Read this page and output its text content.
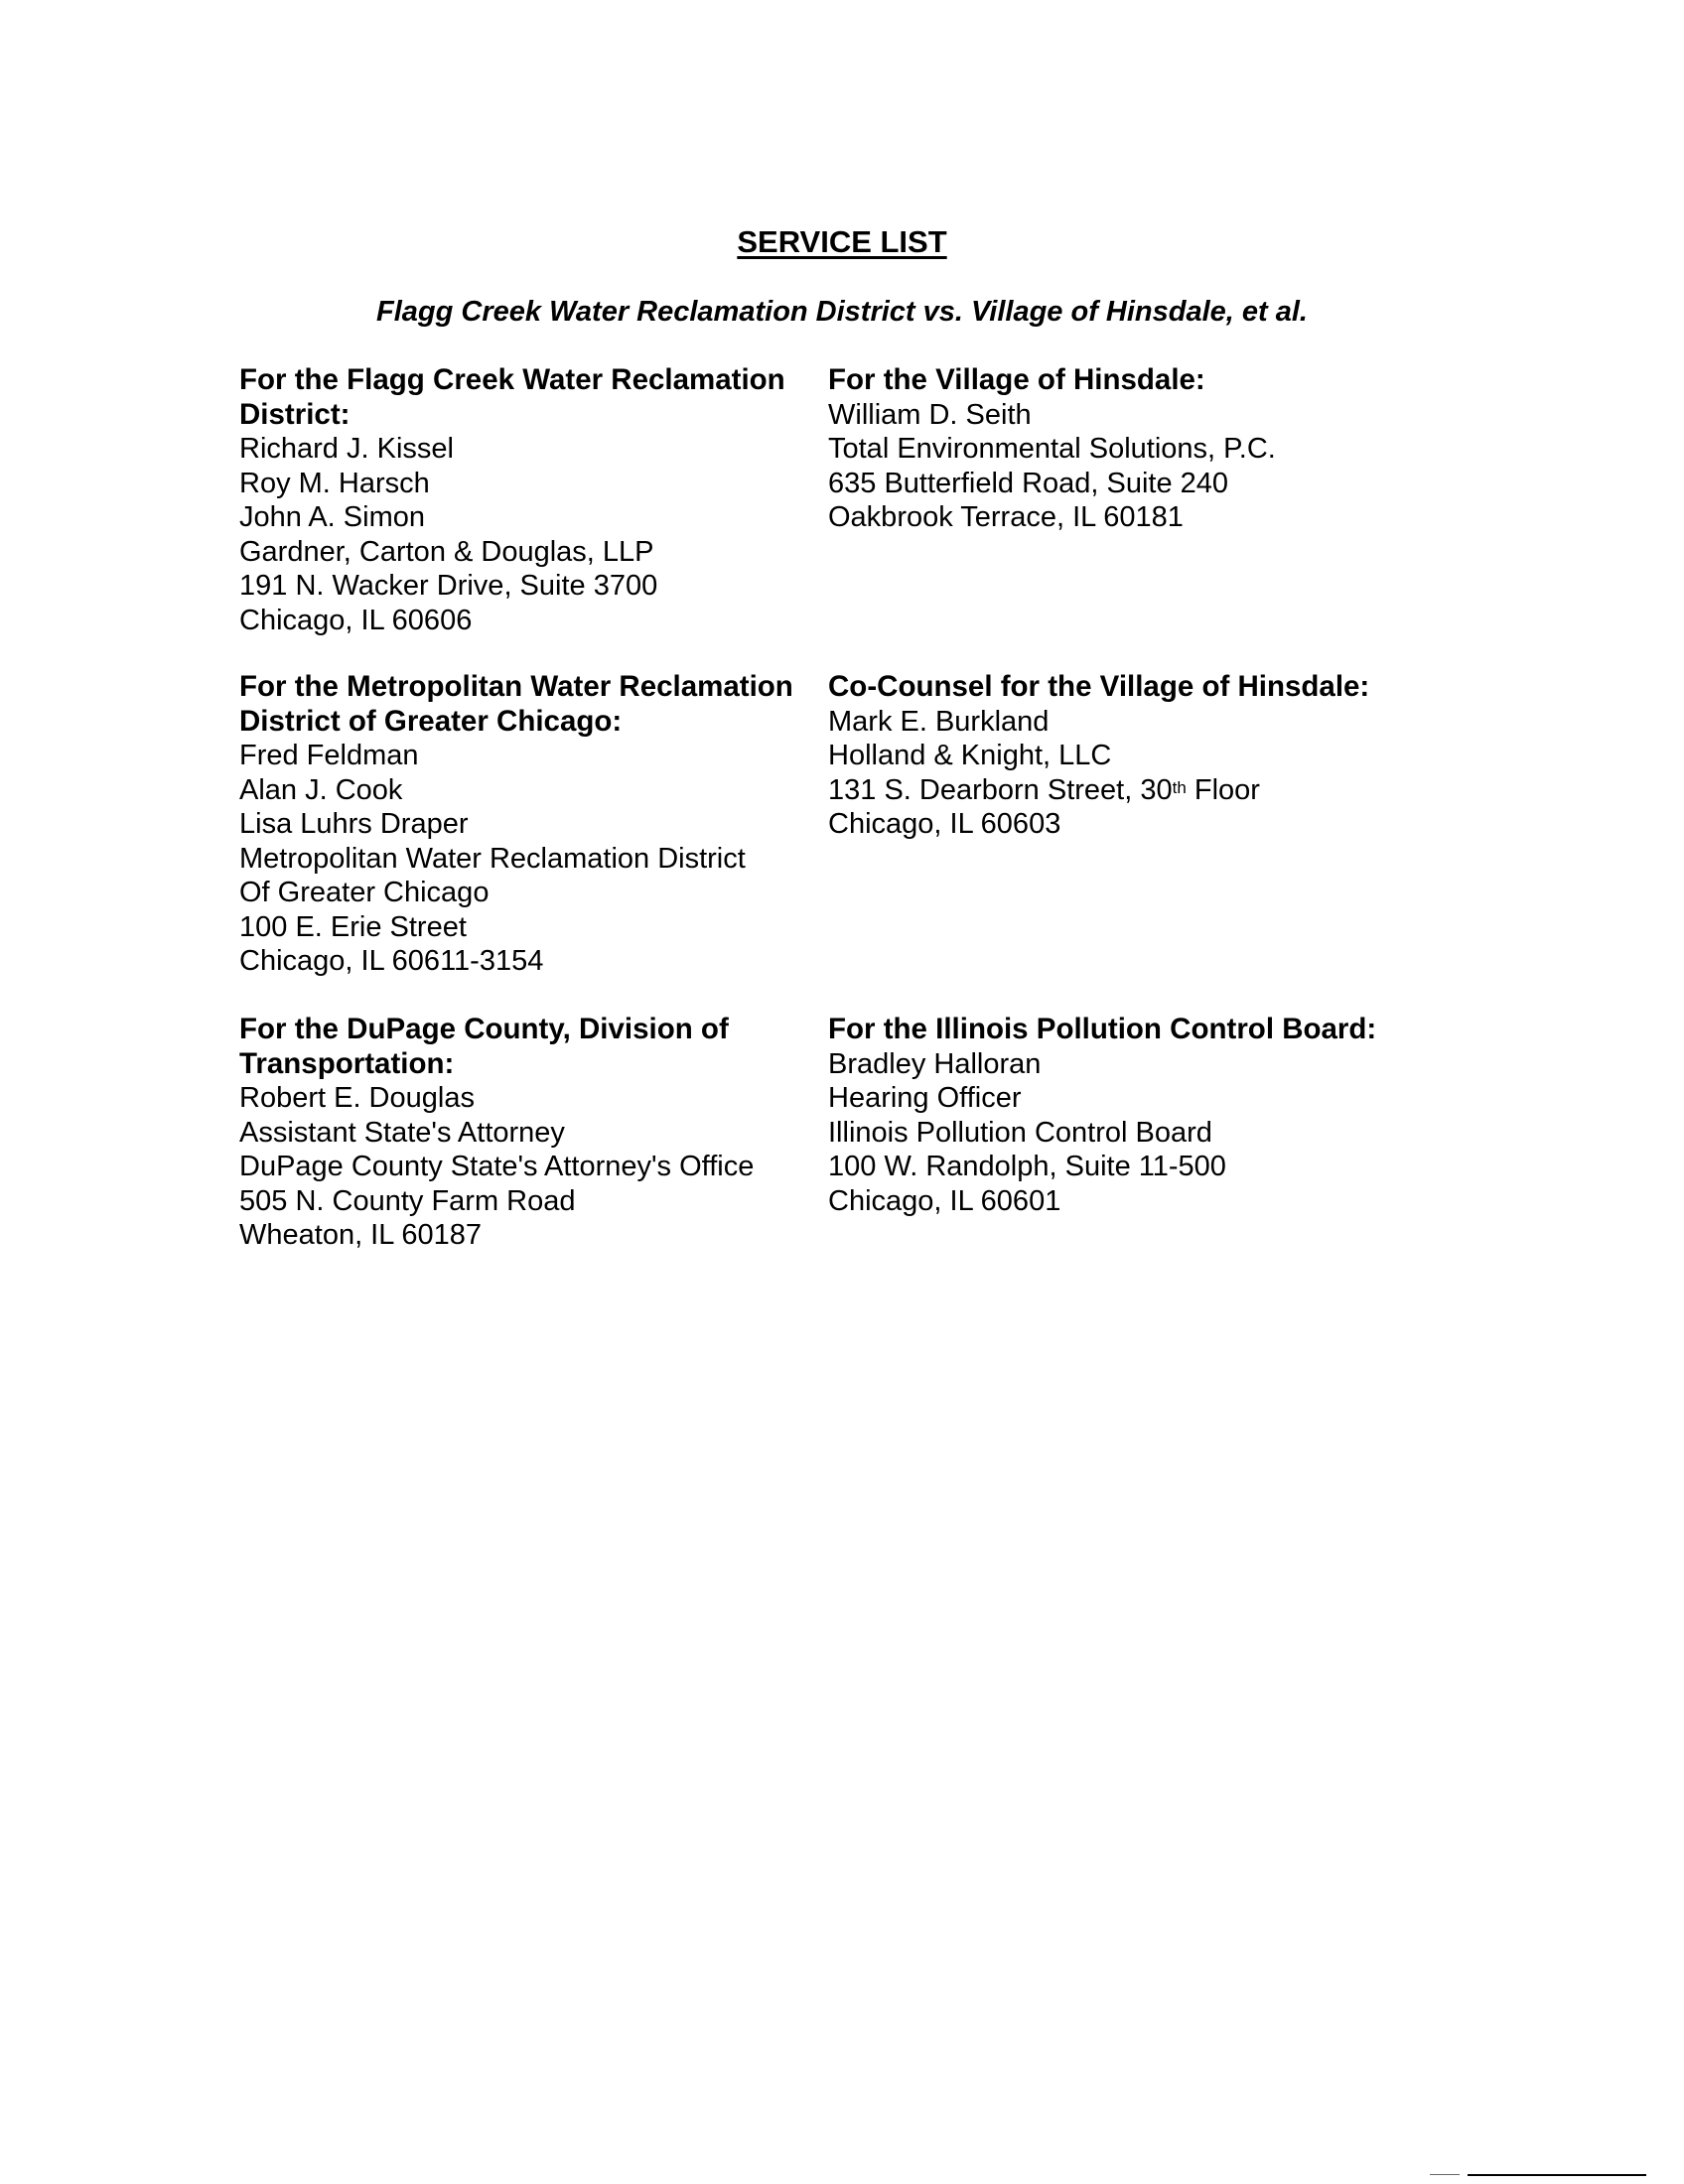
SERVICE LIST
Flagg Creek Water Reclamation District vs. Village of Hinsdale, et al.
For the Flagg Creek Water Reclamation
District:
Richard J. Kissel
Roy M. Harsch
John A. Simon
Gardner, Carton & Douglas, LLP
191 N. Wacker Drive, Suite 3700
Chicago, IL 60606
For the Village of Hinsdale:
William D. Seith
Total Environmental Solutions, P.C.
635 Butterfield Road, Suite 240
Oakbrook Terrace, IL 60181
For the Metropolitan Water Reclamation
District of Greater Chicago:
Fred Feldman
Alan J. Cook
Lisa Luhrs Draper
Metropolitan Water Reclamation District
Of Greater Chicago
100 E. Erie Street
Chicago, IL 60611-3154
Co-Counsel for the Village of Hinsdale:
Mark E. Burkland
Holland & Knight, LLC
131 S. Dearborn Street, 30th Floor
Chicago, IL 60603
For the DuPage County, Division of
Transportation:
Robert E. Douglas
Assistant State's Attorney
DuPage County State's Attorney's Office
505 N. County Farm Road
Wheaton, IL 60187
For the Illinois Pollution Control Board:
Bradley Halloran
Hearing Officer
Illinois Pollution Control Board
100 W. Randolph, Suite 11-500
Chicago, IL 60601
